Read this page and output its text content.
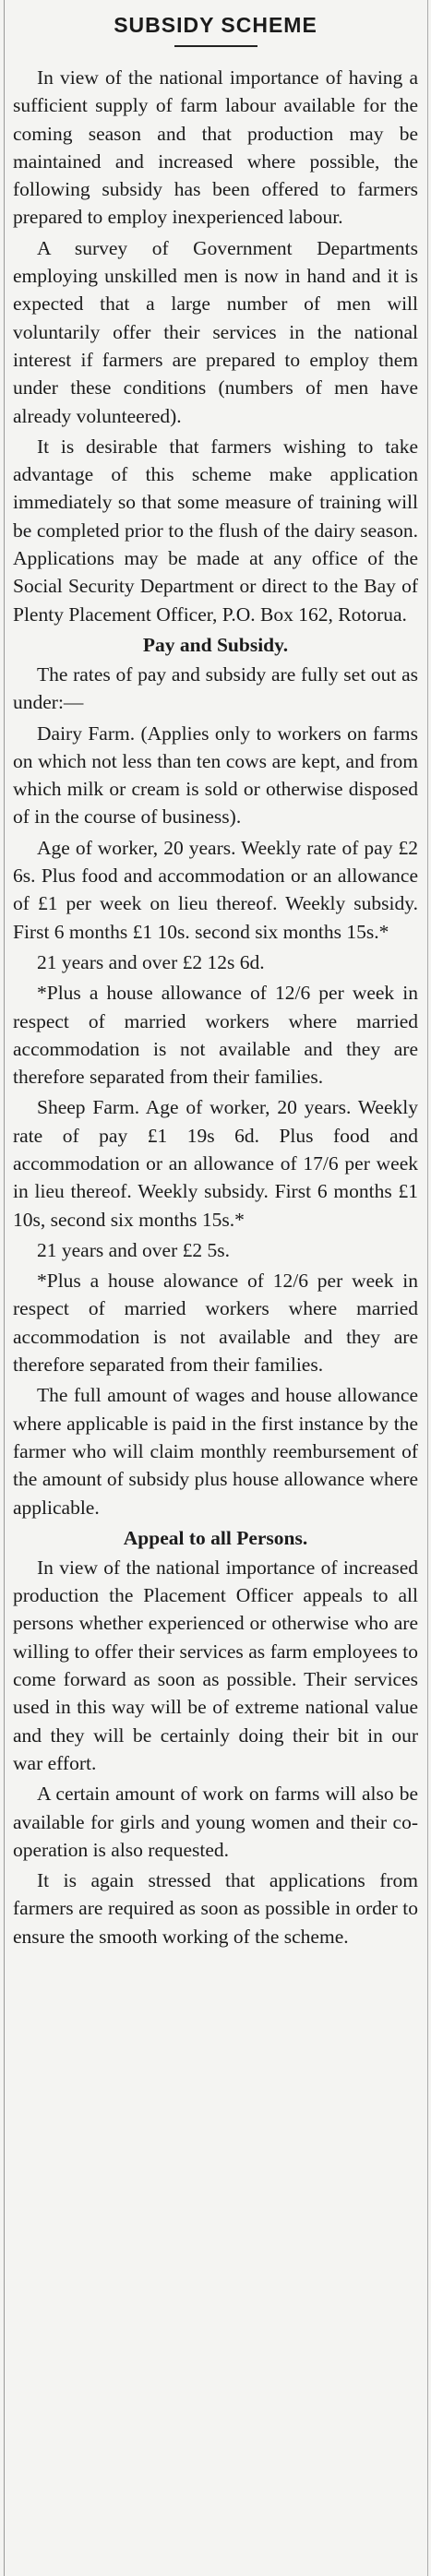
SUBSIDY SCHEME

In view of the national importance of having a sufficient supply of farm labour available for the coming season and that production may be maintained and increased where possible, the following subsidy has been offered to farmers prepared to employ inexperienced labour.

A survey of Government Departments employing unskilled men is now in hand and it is expected that a large number of men will voluntarily offer their services in the national interest if farmers are prepared to employ them under these conditions (numbers of men have already volunteered).

It is desirable that farmers wishing to take advantage of this scheme make application immediately so that some measure of training will be completed prior to the flush of the dairy season. Applications may be made at any office of the Social Security Department or direct to the Bay of Plenty Placement Officer, P.O. Box 162, Rotorua.

Pay and Subsidy.

The rates of pay and subsidy are fully set out as under:—

Dairy Farm. (Applies only to workers on farms on which not less than ten cows are kept, and from which milk or cream is sold or otherwise disposed of in the course of business).

Age of worker, 20 years. Weekly rate of pay £2 6s. Plus food and accommodation or an allowance of £1 per week on lieu thereof. Weekly subsidy. First 6 months £1 10s. second six months 15s.*

21 years and over £2 12s 6d.

*Plus a house allowance of 12/6 per week in respect of married workers where married accommodation is not available and they are therefore separated from their families.

Sheep Farm. Age of worker, 20 years. Weekly rate of pay £1 19s 6d. Plus food and accommodation or an allowance of 17/6 per week in lieu thereof. Weekly subsidy. First 6 months £1 10s, second six months 15s.*

21 years and over £2 5s.

*Plus a house alowance of 12/6 per week in respect of married workers where married accommodation is not available and they are therefore separated from their families.

The full amount of wages and house allowance where applicable is paid in the first instance by the farmer who will claim monthly reembursement of the amount of subsidy plus house allowance where applicable.

Appeal to all Persons.

In view of the national importance of increased production the Placement Officer appeals to all persons whether experienced or otherwise who are willing to offer their services as farm employees to come forward as soon as possible. Their services used in this way will be of extreme national value and they will be certainly doing their bit in our war effort.

A certain amount of work on farms will also be available for girls and young women and their co-operation is also requested.

It is again stressed that applications from farmers are required as soon as possible in order to ensure the smooth working of the scheme.
